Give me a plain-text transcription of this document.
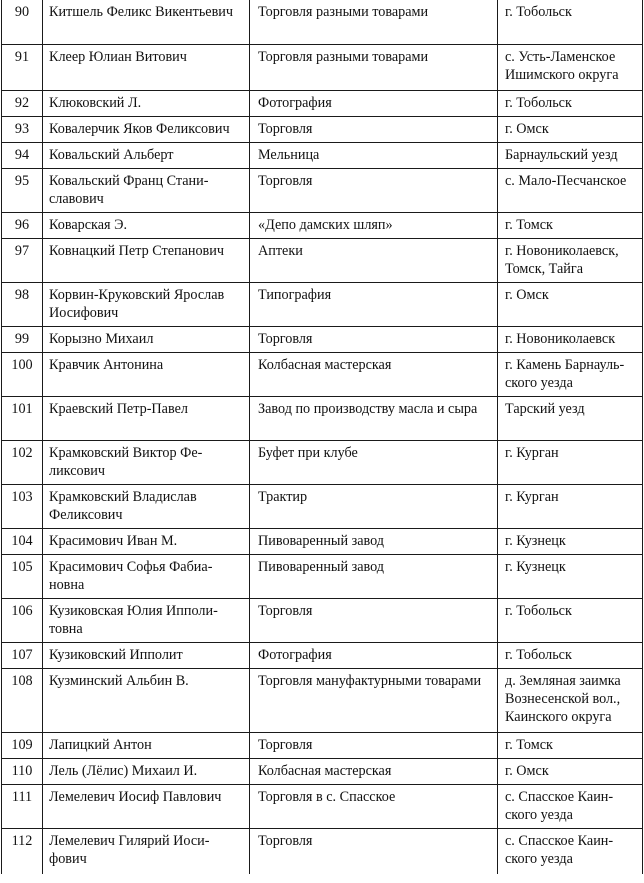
90	Китшель Феликс Викентьевич	Торговля разными товарами	г. Тобольск
91	Клеер Юлиан Витович	Торговля разными товарами	с. Усть-Ламенское Ишимского округа
92	Клюковский Л.	Фотография	г. Тобольск
93	Ковалерчик Яков Феликсович	Торговля	г. Омск
94	Ковальский Альберт	Мельница	Барнаульский уезд
95	Ковальский Франц Станиславович	Торговля	с. Мало-Песчанское
96	Коварская Э.	«Депо дамских шляп»	г. Томск
97	Ковнацкий Петр Степанович	Аптеки	г. Новониколаевск, Томск, Тайга
98	Корвин-Круковский Ярослав Иосифович	Типография	г. Омск
99	Корызно Михаил	Торговля	г. Новониколаевск
100	Кравчик Антонина	Колбасная мастерская	г. Камень Барнаульского уезда
101	Краевский Петр-Павел	Завод по производству масла и сыра	Тарский уезд
102	Крамковский Виктор Феликсович	Буфет при клубе	г. Курган
103	Крамковский Владислав Феликсович	Трактир	г. Курган
104	Красимович Иван М.	Пивоваренный завод	г. Кузнецк
105	Красимович Софья Фабиановна	Пивоваренный завод	г. Кузнецк
106	Кузиковская Юлия Ипполитовна	Торговля	г. Тобольск
107	Кузиковский Ипполит	Фотография	г. Тобольск
108	Кузминский Альбин В.	Торговля мануфактурными товарами	д. Земляная заимка Вознесенской вол., Каинского округа
109	Лапицкий Антон	Торговля	г. Томск
110	Лель (Лёлис) Михаил И.	Колбасная мастерская	г. Омск
111	Лемелевич Иосиф Павлович	Торговля в с. Спасское	с. Спасское Каинского уезда
112	Лемелевич Гилярий Иосифович	Торговля	с. Спасское Каинского уезда
